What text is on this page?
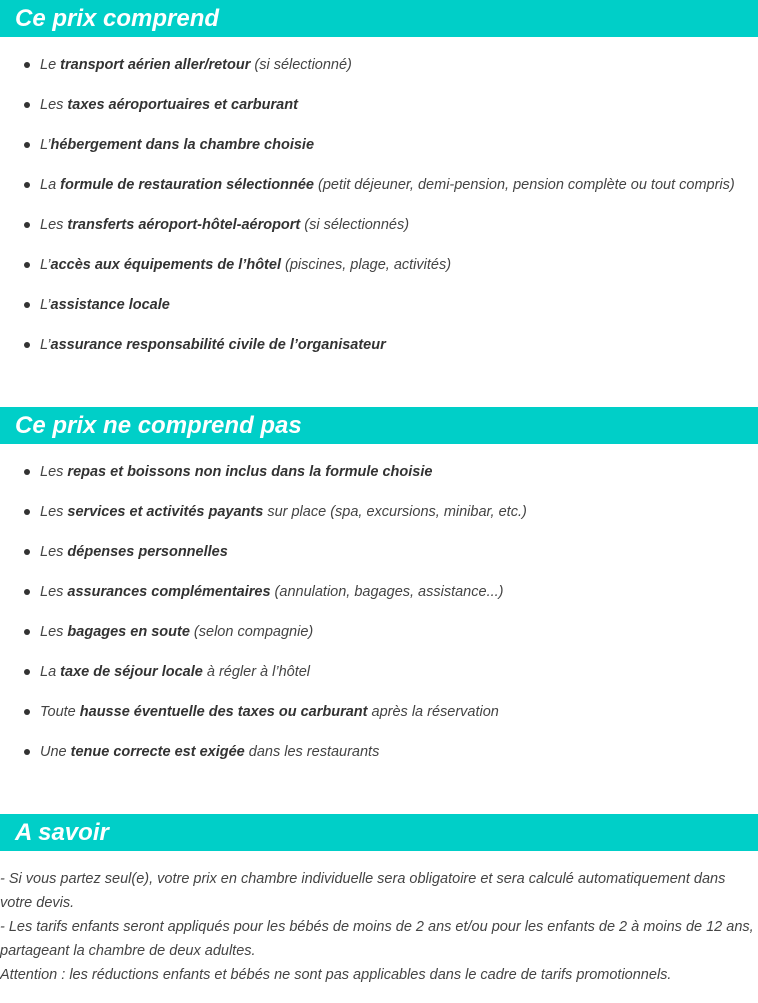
Ce prix comprend
Le transport aérien aller/retour (si sélectionné)
Les taxes aéroportuaires et carburant
L’hébergement dans la chambre choisie
La formule de restauration sélectionnée (petit déjeuner, demi-pension, pension complète ou tout compris)
Les transferts aéroport-hôtel-aéroport (si sélectionnés)
L’accès aux équipements de l’hôtel (piscines, plage, activités)
L’assistance locale
L’assurance responsabilité civile de l’organisateur
Ce prix ne comprend pas
Les repas et boissons non inclus dans la formule choisie
Les services et activités payants sur place (spa, excursions, minibar, etc.)
Les dépenses personnelles
Les assurances complémentaires (annulation, bagages, assistance...)
Les bagages en soute (selon compagnie)
La taxe de séjour locale à régler à l’hôtel
Toute hausse éventuelle des taxes ou carburant après la réservation
Une tenue correcte est exigée dans les restaurants
A savoir

- Si vous partez seul(e), votre prix en chambre individuelle sera obligatoire et sera calculé automatiquement dans votre devis.

- Les tarifs enfants seront appliqués pour les bébés de moins de 2 ans et/ou pour les enfants de 2 à moins de 12 ans, partageant la chambre de deux adultes.

Attention : les réductions enfants et bébés ne sont pas applicables dans le cadre de tarifs promotionnels.
